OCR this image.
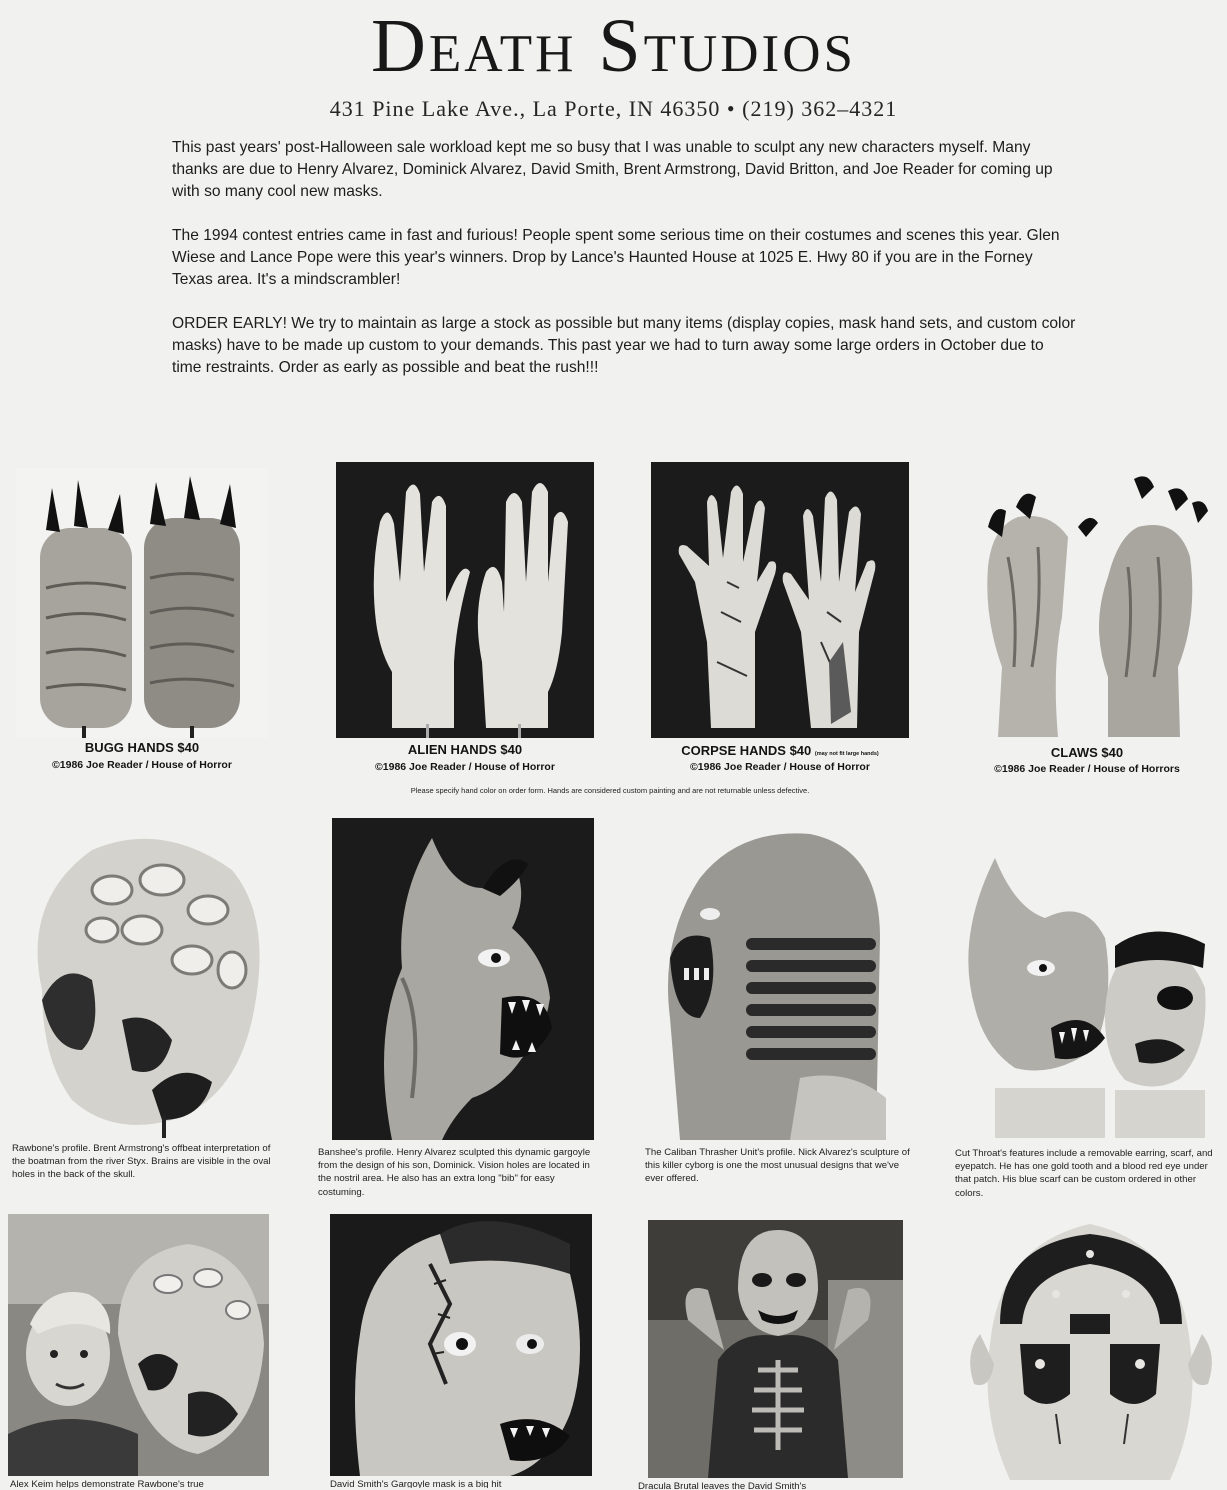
Death Studios
431 Pine Lake Ave., La Porte, IN 46350 • (219) 362–4321

This past years' post-Halloween sale workload kept me so busy that I was unable to sculpt any new characters myself. Many thanks are due to Henry Alvarez, Dominick Alvarez, David Smith, Brent Armstrong, David Britton, and Joe Reader for coming up with so many cool new masks.

The 1994 contest entries came in fast and furious! People spent some serious time on their costumes and scenes this year. Glen Wiese and Lance Pope were this year's winners. Drop by Lance's Haunted House at 1025 E. Hwy 80 if you are in the Forney Texas area. It's a mindscrambler!

ORDER EARLY! We try to maintain as large a stock as possible but many items (display copies, mask hand sets, and custom color masks) have to be made up custom to your demands. This past year we had to turn away some large orders in October due to time restraints. Order as early as possible and beat the rush!!!

BUGG HANDS $40
©1986 Joe Reader / House of Horror
ALIEN HANDS $40
©1986 Joe Reader / House of Horror
CORPSE HANDS $40 (may not fit large hands)
©1986 Joe Reader / House of Horror
CLAWS $40
©1986 Joe Reader / House of Horrors
Please specify hand color on order form. Hands are considered custom painting and are not returnable unless defective.
Rawbone's profile. Brent Armstrong's offbeat interpretation of the boatman from the river Styx. Brains are visible in the oval holes in the back of the skull.
Banshee's profile. Henry Alvarez sculpted this dynamic gargoyle from the design of his son, Dominick. Vision holes are located in the nostril area. He also has an extra long "bib" for easy costuming.
The Caliban Thrasher Unit's profile. Nick Alvarez's sculpture of this killer cyborg is one the most unusual designs that we've ever offered.
Cut Throat's features include a removable earring, scarf, and eyepatch. He has one gold tooth and a blood red eye under that patch. His blue scarf can be custom ordered in other colors.
Alex Keim helps demonstrate Rawbone's true	David Smith's Gargoyle mask is a big hit	Dracula Brutal leaves the David Smith's
